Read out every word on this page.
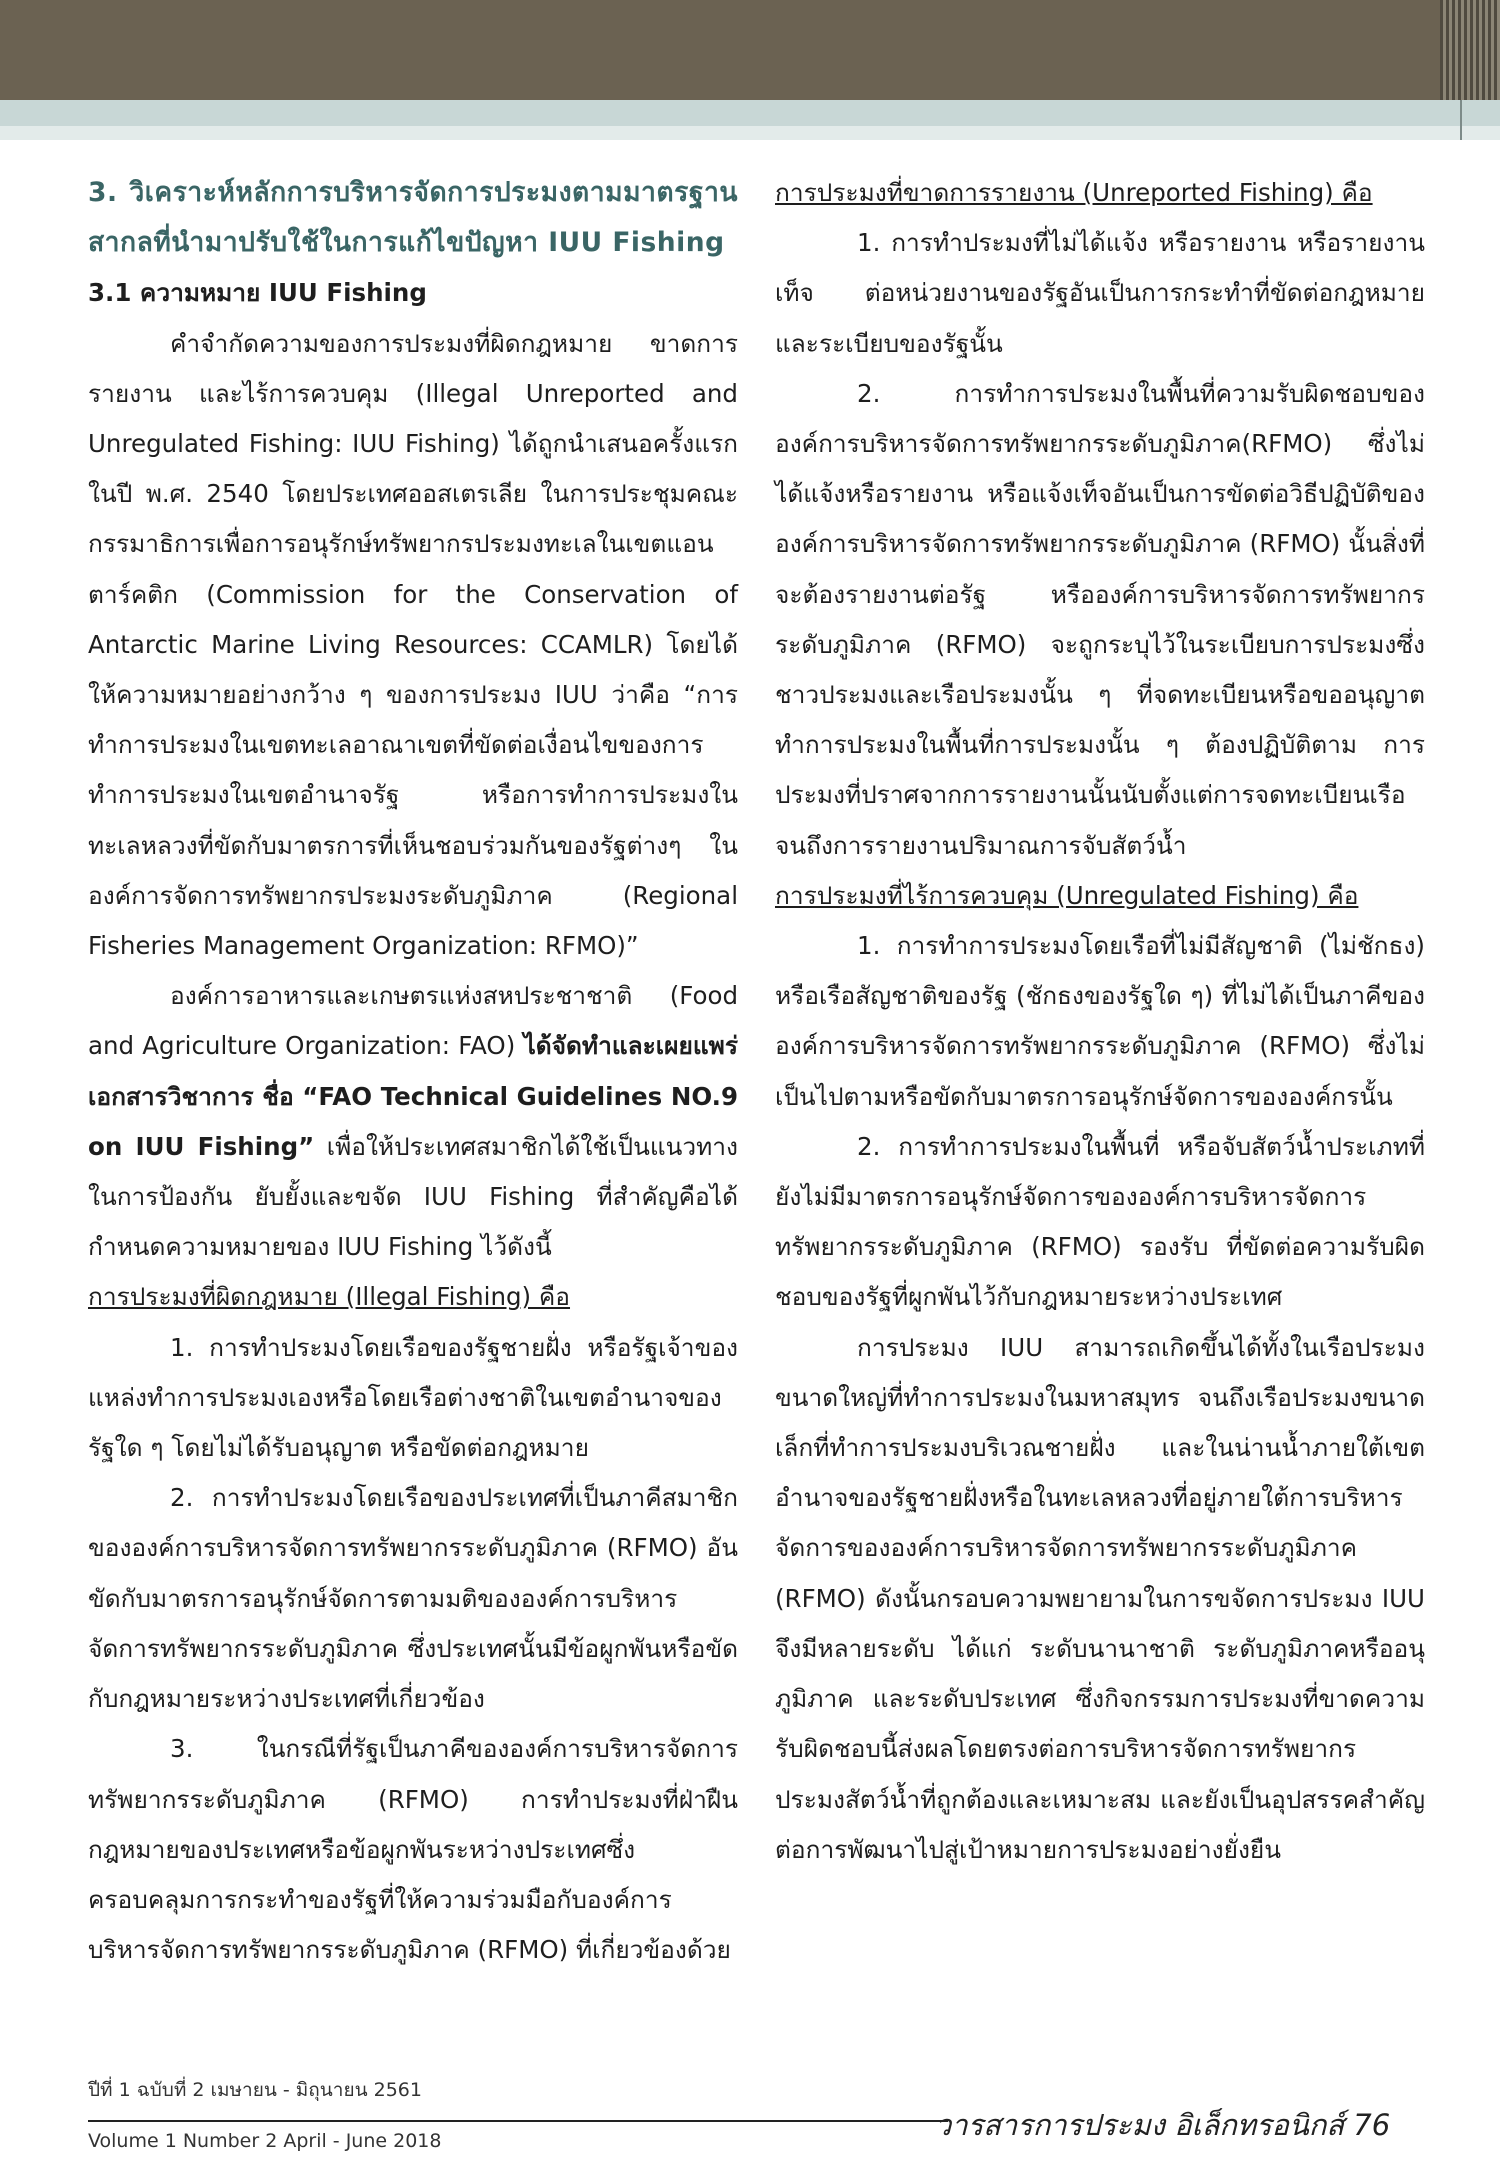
3. วิเคราะห์หลักการบริหารจัดการประมงตามมาตรฐานสากลที่นำมาปรับใช้ในการแก้ไขปัญหา IUU Fishing

3.1 ความหมาย IUU Fishing

คำจำกัดความของการประมงที่ผิดกฎหมาย ขาดการรายงาน และไร้การควบคุม (Illegal Unreported and Unregulated Fishing: IUU Fishing) ได้ถูกนำเสนอครั้งแรกในปี พ.ศ. 2540 โดยประเทศออสเตรเลีย ในการประชุมคณะกรรมาธิการเพื่อการอนุรักษ์ทรัพยากรประมงทะเลในเขตแอนตาร์คติก (Commission for the Conservation of Antarctic Marine Living Resources: CCAMLR) โดยได้ให้ความหมายอย่างกว้าง ๆ ของการประมง IUU ว่าคือ “การทำการประมงในเขตทะเลอาณาเขตที่ขัดต่อเงื่อนไขของการทำการประมงในเขตอำนาจรัฐ หรือการทำการประมงในทะเลหลวงที่ขัดกับมาตรการที่เห็นชอบร่วมกันของรัฐต่างๆ ในองค์การจัดการทรัพยากรประมงระดับภูมิภาค (Regional Fisheries Management Organization: RFMO)”

องค์การอาหารและเกษตรแห่งสหประชาชาติ (Food and Agriculture Organization: FAO) ได้จัดทำและเผยแพร่เอกสารวิชาการ ชื่อ “FAO Technical Guidelines NO.9 on IUU Fishing” เพื่อให้ประเทศสมาชิกได้ใช้เป็นแนวทางในการป้องกัน ยับยั้งและขจัด IUU Fishing ที่สำคัญคือได้กำหนดความหมายของ IUU Fishing ไว้ดังนี้

การประมงที่ผิดกฎหมาย (Illegal Fishing) คือ

1. การทำประมงโดยเรือของรัฐชายฝั่ง หรือรัฐเจ้าของแหล่งทำการประมงเองหรือโดยเรือต่างชาติในเขตอำนาจของรัฐใด ๆ โดยไม่ได้รับอนุญาต หรือขัดต่อกฎหมาย

2. การทำประมงโดยเรือของประเทศที่เป็นภาคีสมาชิกขององค์การบริหารจัดการทรัพยากรระดับภูมิภาค (RFMO) อันขัดกับมาตรการอนุรักษ์จัดการตามมติขององค์การบริหารจัดการทรัพยากรระดับภูมิภาค ซึ่งประเทศนั้นมีข้อผูกพันหรือขัดกับกฎหมายระหว่างประเทศที่เกี่ยวข้อง

3. ในกรณีที่รัฐเป็นภาคีขององค์การบริหารจัดการทรัพยากรระดับภูมิภาค (RFMO) การทำประมงที่ฝ่าฝืนกฎหมายของประเทศหรือข้อผูกพันระหว่างประเทศซึ่งครอบคลุมการกระทำของรัฐที่ให้ความร่วมมือกับองค์การบริหารจัดการทรัพยากรระดับภูมิภาค (RFMO) ที่เกี่ยวข้องด้วย

การประมงที่ขาดการรายงาน (Unreported Fishing) คือ

1. การทำประมงที่ไม่ได้แจ้ง หรือรายงาน หรือรายงานเท็จ ต่อหน่วยงานของรัฐอันเป็นการกระทำที่ขัดต่อกฎหมาย และระเบียบของรัฐนั้น

2. การทำการประมงในพื้นที่ความรับผิดชอบขององค์การบริหารจัดการทรัพยากรระดับภูมิภาค(RFMO) ซึ่งไม่ได้แจ้งหรือรายงาน หรือแจ้งเท็จอันเป็นการขัดต่อวิธีปฏิบัติขององค์การบริหารจัดการทรัพยากรระดับภูมิภาค (RFMO) นั้นสิ่งที่จะต้องรายงานต่อรัฐ หรือองค์การบริหารจัดการทรัพยากรระดับภูมิภาค (RFMO) จะถูกระบุไว้ในระเบียบการประมงซึ่ง ชาวประมงและเรือประมงนั้น ๆ ที่จดทะเบียนหรือขออนุญาตทำการประมงในพื้นที่การประมงนั้น ๆ ต้องปฏิบัติตาม การประมงที่ปราศจากการรายงานนั้นนับตั้งแต่การจดทะเบียนเรือจนถึงการรายงานปริมาณการจับสัตว์น้ำ

การประมงที่ไร้การควบคุม (Unregulated Fishing) คือ

1. การทำการประมงโดยเรือที่ไม่มีสัญชาติ (ไม่ชักธง) หรือเรือสัญชาติของรัฐ (ชักธงของรัฐใด ๆ) ที่ไม่ได้เป็นภาคีขององค์การบริหารจัดการทรัพยากรระดับภูมิภาค (RFMO) ซึ่งไม่เป็นไปตามหรือขัดกับมาตรการอนุรักษ์จัดการขององค์กรนั้น

2. การทำการประมงในพื้นที่ หรือจับสัตว์น้ำประเภทที่ยังไม่มีมาตรการอนุรักษ์จัดการขององค์การบริหารจัดการทรัพยากรระดับภูมิภาค (RFMO) รองรับ ที่ขัดต่อความรับผิดชอบของรัฐที่ผูกพันไว้กับกฎหมายระหว่างประเทศ

การประมง IUU สามารถเกิดขึ้นได้ทั้งในเรือประมงขนาดใหญ่ที่ทำการประมงในมหาสมุทร จนถึงเรือประมงขนาดเล็กที่ทำการประมงบริเวณชายฝั่ง และในน่านน้ำภายใต้เขตอำนาจของรัฐชายฝั่งหรือในทะเลหลวงที่อยู่ภายใต้การบริหารจัดการขององค์การบริหารจัดการทรัพยากรระดับภูมิภาค (RFMO) ดังนั้นกรอบความพยายามในการขจัดการประมง IUU จึงมีหลายระดับ ได้แก่ ระดับนานาชาติ ระดับภูมิภาคหรืออนุภูมิภาค และระดับประเทศ ซึ่งกิจกรรมการประมงที่ขาดความรับผิดชอบนี้ส่งผลโดยตรงต่อการบริหารจัดการทรัพยากรประมงสัตว์น้ำที่ถูกต้องและเหมาะสม และยังเป็นอุปสรรคสำคัญต่อการพัฒนาไปสู่เป้าหมายการประมงอย่างยั่งยืน

ปีที่ 1 ฉบับที่ 2 เมษายน - มิถุนายน 2561
Volume 1 Number 2 April - June 2018	วารสารการประมง อิเล็กทรอนิกส์ 76
